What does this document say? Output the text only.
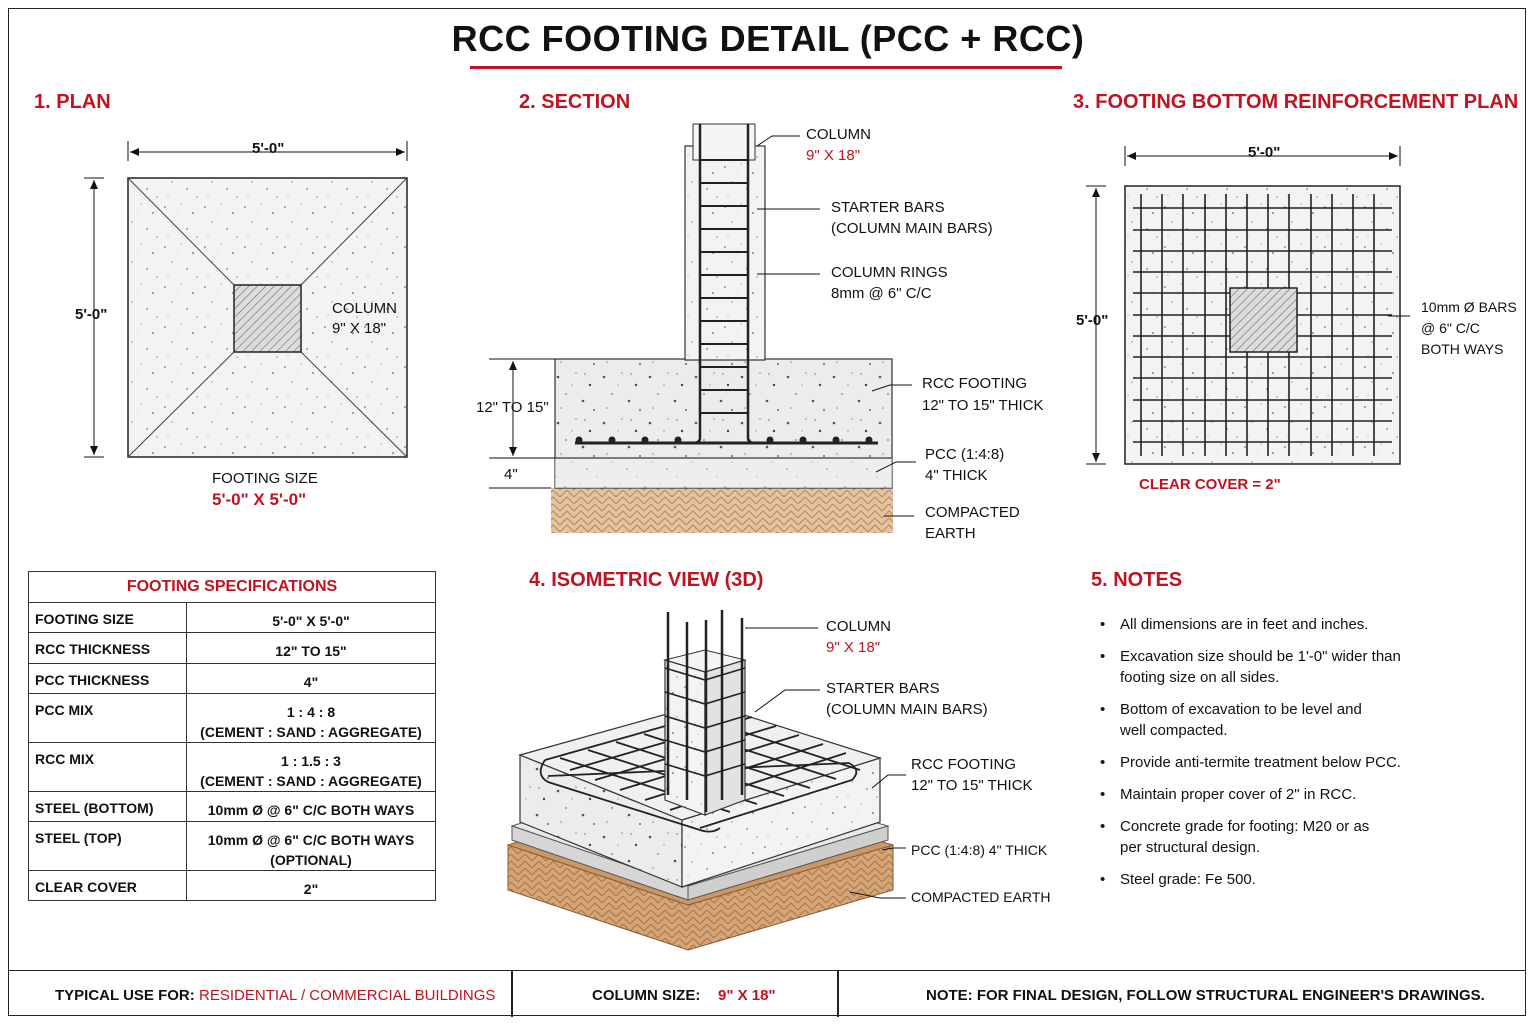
RCC FOOTING DETAIL (PCC + RCC)
1. PLAN	2. SECTION	3. FOOTING BOTTOM REINFORCEMENT PLAN
4. ISOMETRIC VIEW (3D)	5. NOTES
5'-0"
5'-0"	COLUMN
9" X 18"
FOOTING SIZE
5'-0" X 5'-0"
COLUMN
9" X 18"
STARTER BARS
(COLUMN MAIN BARS)
COLUMN RINGS
8mm @ 6" C/C
RCC FOOTING
12" TO 15" THICK
PCC (1:4:8)
4" THICK
COMPACTED
EARTH
12" TO 15"
4"
5'-0"
5'-0"
10mm Ø BARS
@ 6" C/C
BOTH WAYS
CLEAR COVER = 2"
COLUMN
9" X 18"
STARTER BARS
(COLUMN MAIN BARS)
RCC FOOTING
12" TO 15" THICK
PCC (1:4:8) 4" THICK
COMPACTED EARTH
FOOTING SPECIFICATIONS	
FOOTING SIZE	5'-0" X 5'-0"
RCC THICKNESS	12" TO 15"
PCC THICKNESS	4"
PCC MIX	1 : 4 : 8
(CEMENT : SAND : AGGREGATE)

RCC MIX	1 : 1.5 : 3
(CEMENT : SAND : AGGREGATE)

STEEL (BOTTOM)	10mm Ø @ 6" C/C BOTH WAYS
STEEL (TOP)	10mm Ø @ 6" C/C BOTH WAYS
(OPTIONAL)

CLEAR COVER	2"
• All dimensions are in feet and inches.
• Excavation size should be 1'-0" wider than
footing size on all sides.
• Bottom of excavation to be level and
well compacted.
• Provide anti-termite treatment below PCC.
• Maintain proper cover of 2" in RCC.
• Concrete grade for footing: M20 or as
per structural design.
• Steel grade: Fe 500.
TYPICAL USE FOR: RESIDENTIAL / COMMERCIAL BUILDINGS	COLUMN SIZE: 9" X 18"	NOTE: FOR FINAL DESIGN, FOLLOW STRUCTURAL ENGINEER'S DRAWINGS.
